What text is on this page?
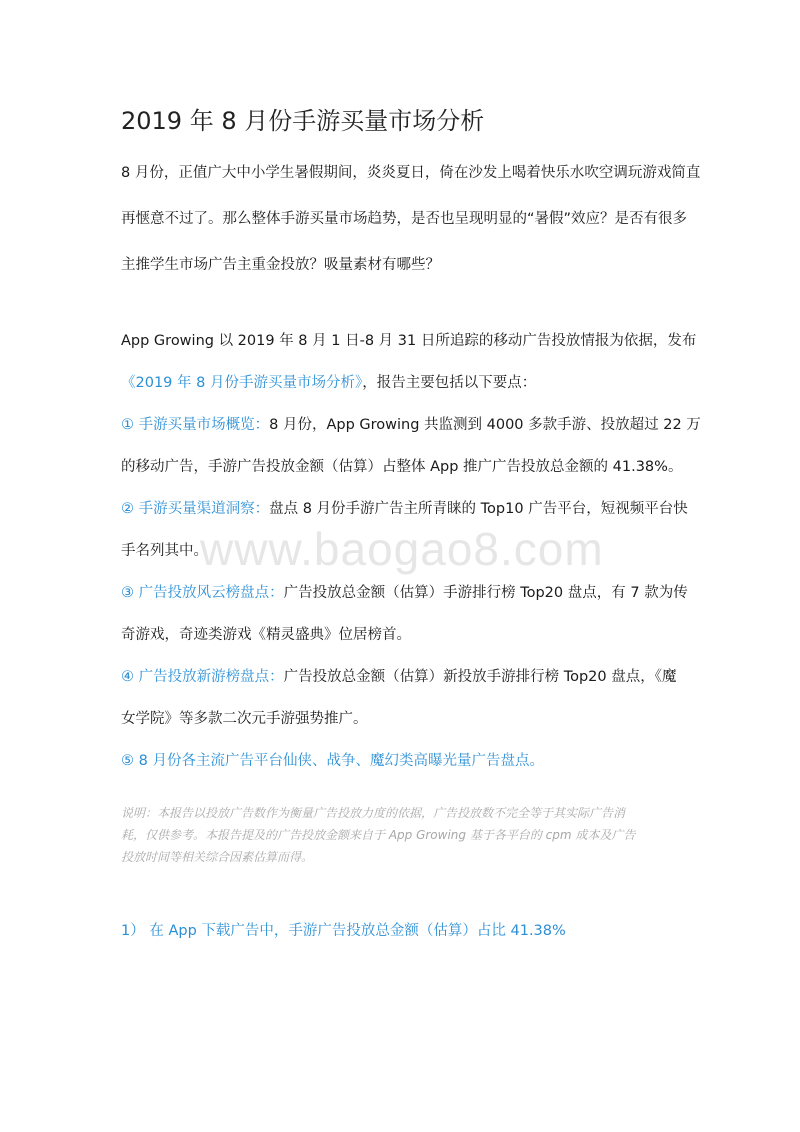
2019 年 8 月份手游买量市场分析
8 月份，正值广大中小学生暑假期间，炎炎夏日，倚在沙发上喝着快乐水吹空调玩游戏简直
再惬意不过了。那么整体手游买量市场趋势，是否也呈现明显的“暑假”效应？是否有很多
主推学生市场广告主重金投放？吸量素材有哪些？
App Growing 以 2019 年 8 月 1 日-8 月 31 日所追踪的移动广告投放情报为依据，发布
《2019 年 8 月份手游买量市场分析》，报告主要包括以下要点：
① 手游买量市场概览：8 月份，App Growing 共监测到 4000 多款手游、投放超过 22 万
的移动广告，手游广告投放金额（估算）占整体 App 推广广告投放总金额的 41.38%。
② 手游买量渠道洞察：盘点 8 月份手游广告主所青睐的 Top10 广告平台，短视频平台快
手名列其中。
③ 广告投放风云榜盘点：广告投放总金额（估算）手游排行榜 Top20 盘点，有 7 款为传
奇游戏，奇迹类游戏《精灵盛典》位居榜首。
④ 广告投放新游榜盘点：广告投放总金额（估算）新投放手游排行榜 Top20 盘点，《魔
女学院》等多款二次元手游强势推广。
⑤ 8 月份各主流广告平台仙侠、战争、魔幻类高曝光量广告盘点。
说明：本报告以投放广告数作为衡量广告投放力度的依据，广告投放数不完全等于其实际广告消
耗，仅供参考。本报告提及的广告投放金额来自于 App Growing 基于各平台的 cpm 成本及广告
投放时间等相关综合因素估算而得。
1） 在 App 下载广告中，手游广告投放总金额（估算）占比 41.38%
www.baogao8.com
